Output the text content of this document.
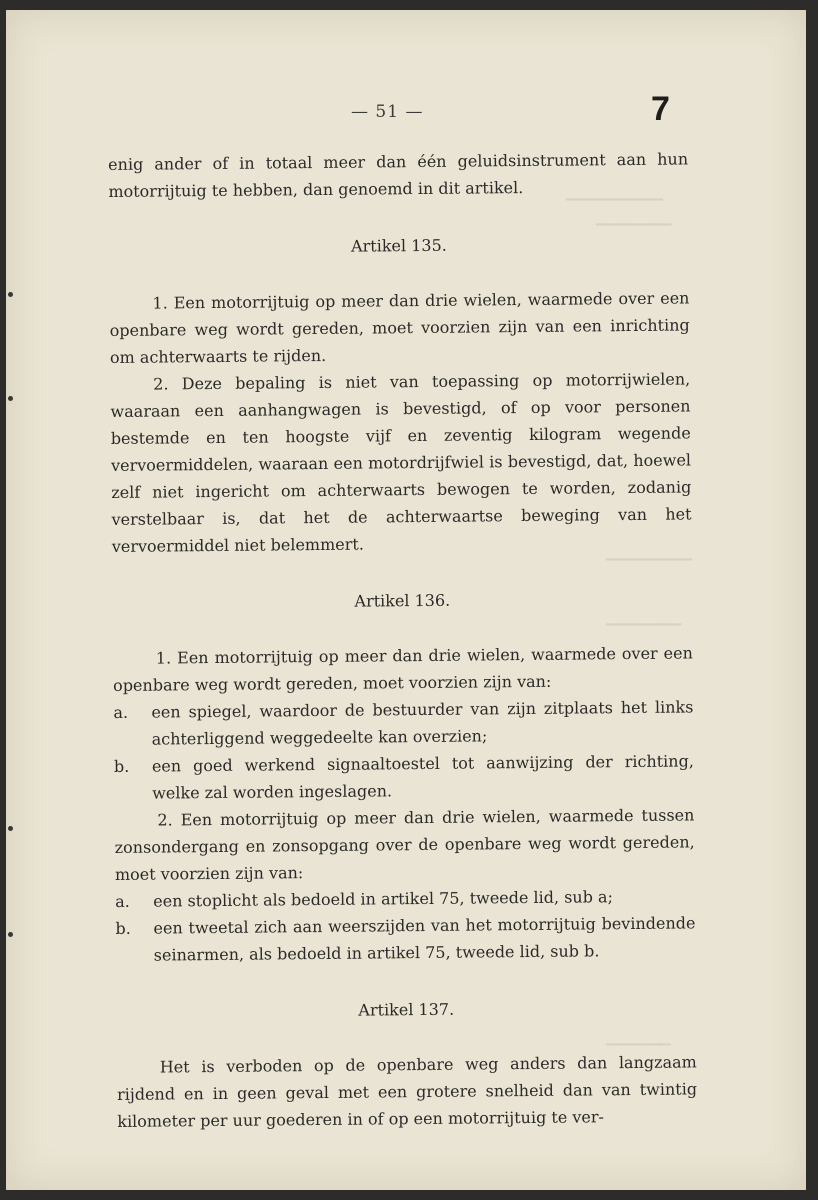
— 51 —	7
▁▁▁▁▁▁▁▁▁
▁▁▁▁▁▁▁
▁▁▁▁▁▁▁▁
▁▁▁▁▁▁▁
▁▁▁▁▁▁

enig ander of in totaal meer dan één geluidsinstrument aan hun motorrijtuig te hebben, dan genoemd in dit artikel.

Artikel 135.

1. Een motorrijtuig op meer dan drie wielen, waarmede over een openbare weg wordt gereden, moet voorzien zijn van een inrichting om achterwaarts te rijden.

2. Deze bepaling is niet van toepassing op motorrijwielen, waaraan een aanhangwagen is bevestigd, of op voor personen bestemde en ten hoogste vijf en zeventig kilogram wegende vervoermiddelen, waaraan een motordrijfwiel is bevestigd, dat, hoewel zelf niet ingericht om achterwaarts bewogen te worden, zodanig verstelbaar is, dat het de achterwaartse beweging van het vervoermiddel niet belemmert.

Artikel 136.

1. Een motorrijtuig op meer dan drie wielen, waarmede over een openbare weg wordt gereden, moet voorzien zijn van:

a.	een spiegel, waardoor de bestuurder van zijn zitplaats het links achterliggend weggedeelte kan overzien;
b.	een goed werkend signaaltoestel tot aanwijzing der richting, welke zal worden ingeslagen.

2. Een motorrijtuig op meer dan drie wielen, waarmede tussen zonsondergang en zonsopgang over de openbare weg wordt gereden, moet voorzien zijn van:

a.	een stoplicht als bedoeld in artikel 75, tweede lid, sub a;
b.	een tweetal zich aan weerszijden van het motorrijtuig bevindende seinarmen, als bedoeld in artikel 75, tweede lid, sub b.

Artikel 137.

Het is verboden op de openbare weg anders dan langzaam rijdend en in geen geval met een grotere snelheid dan van twintig kilometer per uur goederen in of op een motorrijtuig te ver-
